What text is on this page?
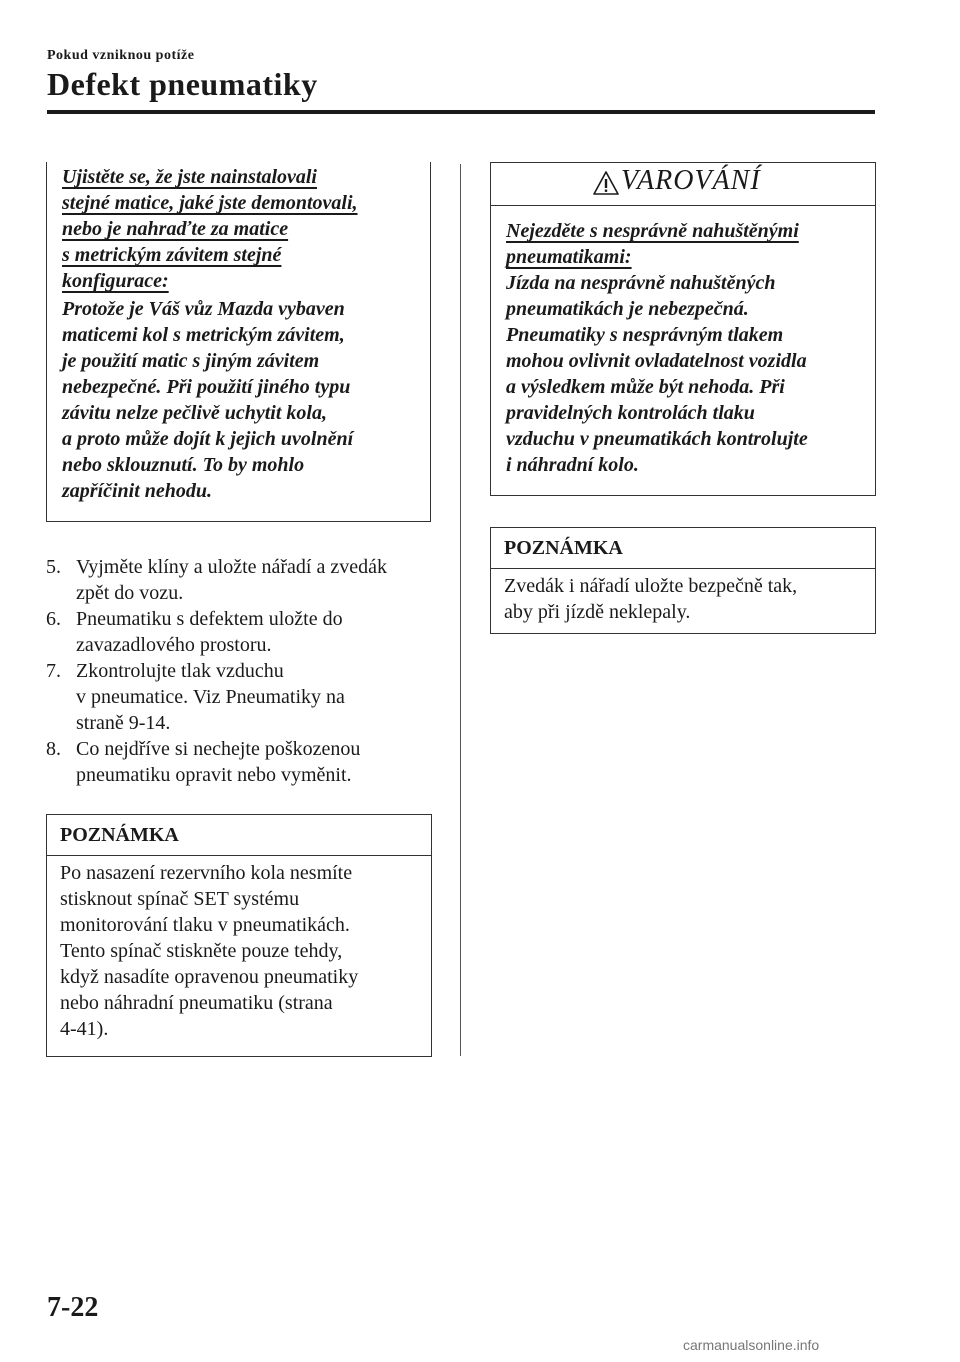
Pokud vzniknou potíže
Defekt pneumatiky
Ujistěte se, že jste nainstalovali
stejné matice, jaké jste demontovali,
nebo je nahraďte za matice
s metrickým závitem stejné
konfigurace:
Protože je Váš vůz Mazda vybaven
maticemi kol s metrickým závitem,
je použití matic s jiným závitem
nebezpečné. Při použití jiného typu
závitu nelze pečlivě uchytit kola,
a proto může dojít k jejich uvolnění
nebo sklouznutí. To by mohlo
zapříčinit nehodu.
5. Vyjměte klíny a uložte nářadí a zvedák
zpět do vozu.
6. Pneumatiku s defektem uložte do
zavazadlového prostoru.
7. Zkontrolujte tlak vzduchu
v pneumatice. Viz Pneumatiky na
straně 9-14.
8. Co nejdříve si nechejte poškozenou
pneumatiku opravit nebo vyměnit.
POZNÁMKA
Po nasazení rezervního kola nesmíte
stisknout spínač SET systému
monitorování tlaku v pneumatikách.
Tento spínač stiskněte pouze tehdy,
když nasadíte opravenou pneumatiky
nebo náhradní pneumatiku (strana
4-41).
VAROVÁNÍ
Nejezděte s nesprávně nahuštěnými
pneumatikami:
Jízda na nesprávně nahuštěných
pneumatikách je nebezpečná.
Pneumatiky s nesprávným tlakem
mohou ovlivnit ovladatelnost vozidla
a výsledkem může být nehoda. Při
pravidelných kontrolách tlaku
vzduchu v pneumatikách kontrolujte
i náhradní kolo.
POZNÁMKA
Zvedák i nářadí uložte bezpečně tak,
aby při jízdě neklepaly.
7-22
carmanualsonline.info
